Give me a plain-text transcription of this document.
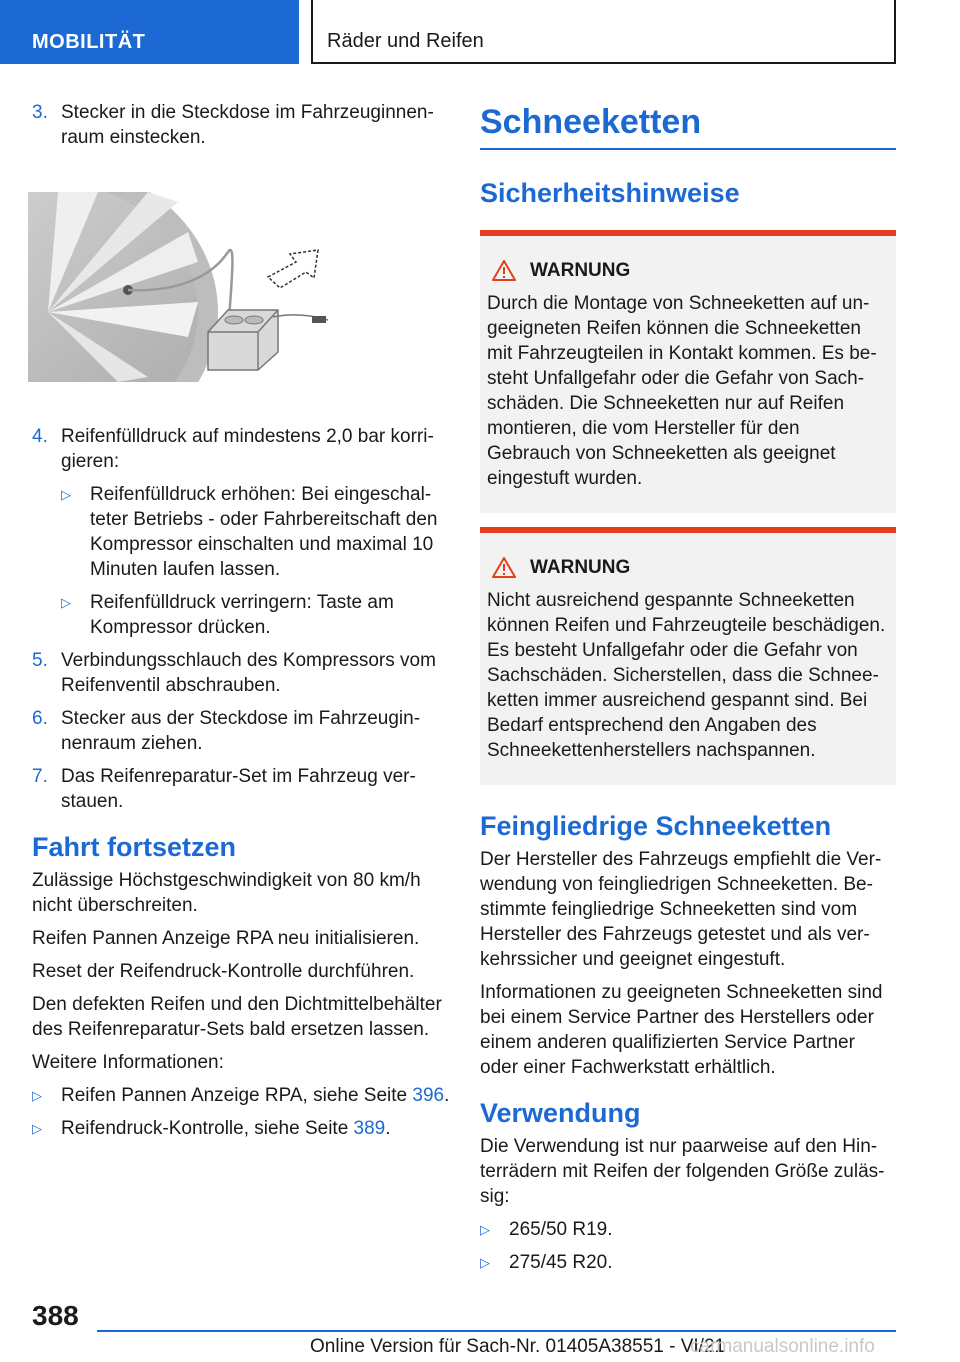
MOBILITÄT	Räder und Reifen
3. Stecker in die Steckdose im Fahrzeuginnenraum einstecken.
4. Reifenfülldruck auf mindestens 2,0 bar korrigieren:
▷ Reifenfülldruck erhöhen: Bei eingeschalteter Betriebs - oder Fahrbereitschaft den Kompressor einschalten und maximal 10 Minuten laufen lassen.
▷ Reifenfülldruck verringern: Taste am Kompressor drücken.
5. Verbindungsschlauch des Kompressors vom Reifenventil abschrauben.
6. Stecker aus der Steckdose im Fahrzeuginnenraum ziehen.
7. Das Reifenreparatur-Set im Fahrzeug verstauen.
Fahrt fortsetzen

Zulässige Höchstgeschwindigkeit von 80 km/h nicht überschreiten.

Reifen Pannen Anzeige RPA neu initialisieren.

Reset der Reifendruck-Kontrolle durchführen.

Den defekten Reifen und den Dichtmittelbehälter des Reifenreparatur-Sets bald ersetzen lassen.

Weitere Informationen:

▷ Reifen Pannen Anzeige RPA, siehe Seite 396.
▷ Reifendruck-Kontrolle, siehe Seite 389.
Schneeketten
Sicherheitshinweise
WARNUNG
Durch die Montage von Schneeketten auf ungeeigneten Reifen können die Schneeketten mit Fahrzeugteilen in Kontakt kommen. Es besteht Unfallgefahr oder die Gefahr von Sachschäden. Die Schneeketten nur auf Reifen montieren, die vom Hersteller für den Gebrauch von Schneeketten als geeignet eingestuft wurden.
WARNUNG
Nicht ausreichend gespannte Schneeketten können Reifen und Fahrzeugteile beschädigen. Es besteht Unfallgefahr oder die Gefahr von Sachschäden. Sicherstellen, dass die Schneeketten immer ausreichend gespannt sind. Bei Bedarf entsprechend den Angaben des Schneekettenherstellers nachspannen.
Feingliedrige Schneeketten

Der Hersteller des Fahrzeugs empfiehlt die Verwendung von feingliedrigen Schneeketten. Bestimmte feingliedrige Schneeketten sind vom Hersteller des Fahrzeugs getestet und als verkehrssicher und geeignet eingestuft.

Informationen zu geeigneten Schneeketten sind bei einem Service Partner des Herstellers oder einem anderen qualifizierten Service Partner oder einer Fachwerkstatt erhältlich.

Verwendung

Die Verwendung ist nur paarweise auf den Hinterrädern mit Reifen der folgenden Größe zulässig:

▷ 265/50 R19.
▷ 275/45 R20.
388
Online Version für Sach-Nr. 01405A38551 - VI/21
carmanualsonline.info
